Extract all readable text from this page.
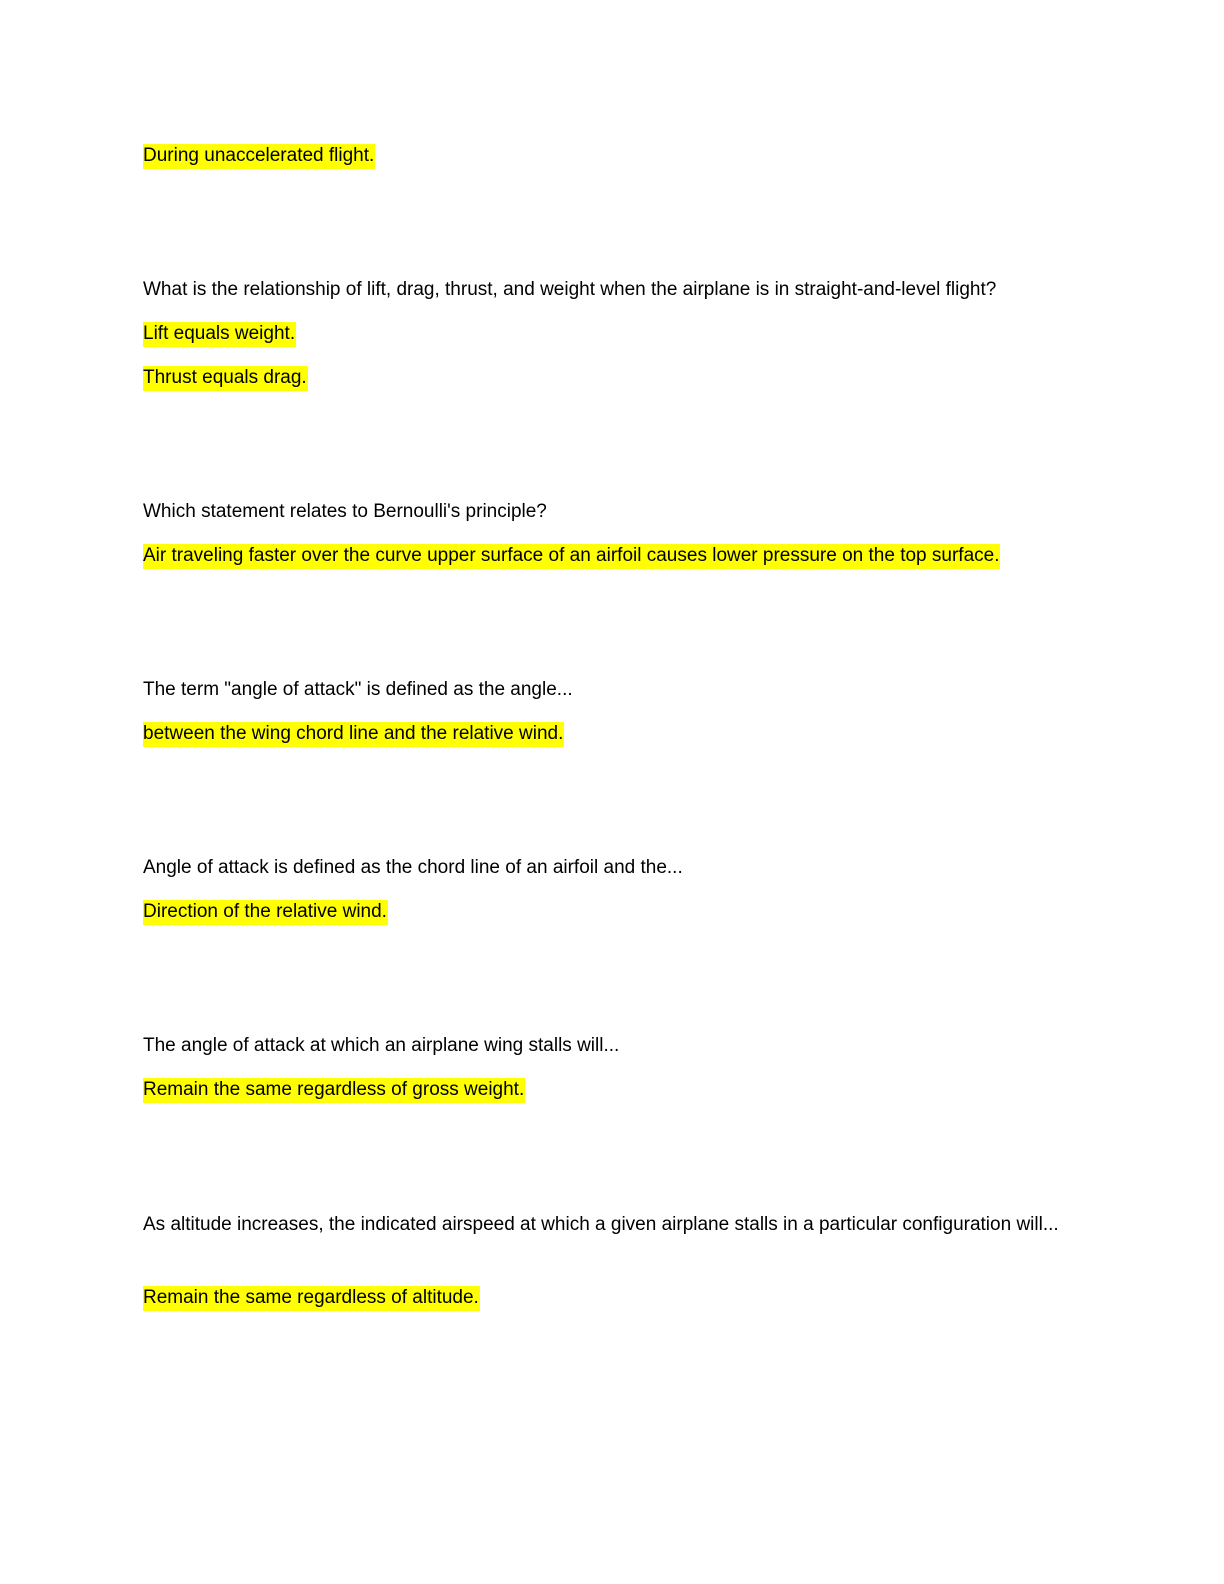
During unaccelerated flight.
What is the relationship of lift, drag, thrust, and weight when the airplane is in straight-and-level flight?
Lift equals weight.
Thrust equals drag.
Which statement relates to Bernoulli's principle?
Air traveling faster over the curve upper surface of an airfoil causes lower pressure on the top surface.
The term "angle of attack" is defined as the angle...
between the wing chord line and the relative wind.
Angle of attack is defined as the chord line of an airfoil and the...
Direction of the relative wind.
The angle of attack at which an airplane wing stalls will...
Remain the same regardless of gross weight.
As altitude increases, the indicated airspeed at which a given airplane stalls in a particular configuration will...
Remain the same regardless of altitude.
